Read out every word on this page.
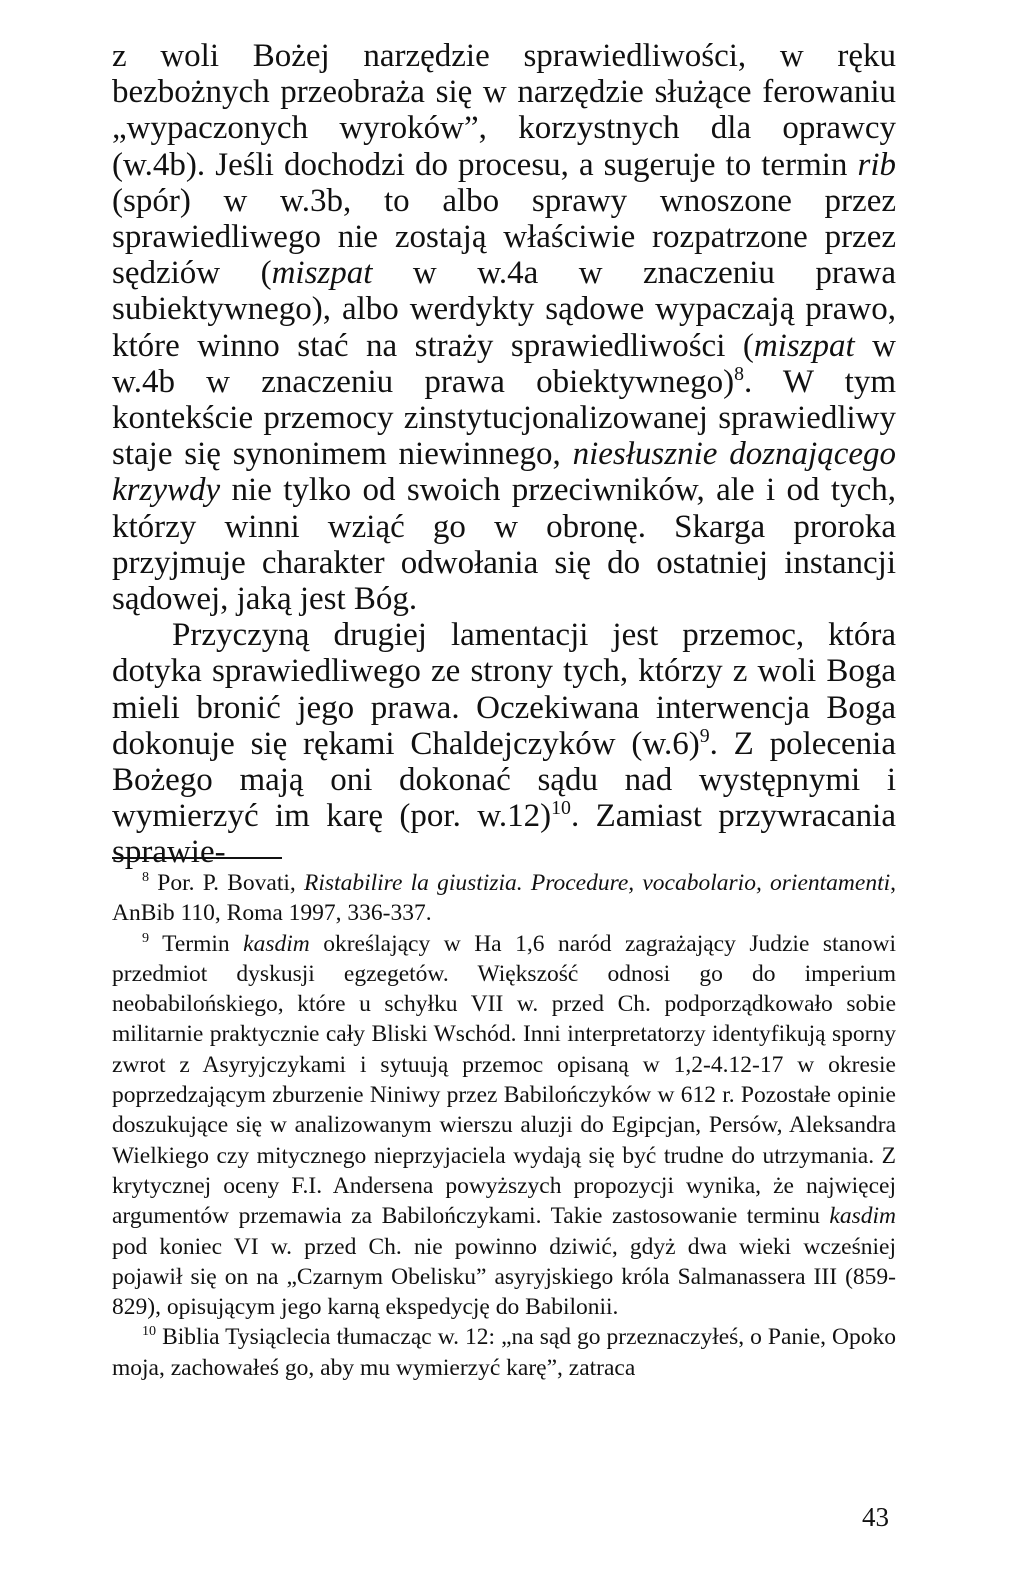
z woli Bożej narzędzie sprawiedliwości, w ręku bezbożnych przeobraża się w narzędzie służące ferowaniu „wypaczonych wyroków”, korzystnych dla oprawcy (w.4b). Jeśli dochodzi do procesu, a sugeruje to termin rib (spór) w w.3b, to albo sprawy wnoszone przez sprawiedliwego nie zostają właściwie rozpatrzone przez sędziów (miszpat w w.4a w znaczeniu prawa subiektywnego), albo werdykty sądowe wypaczają prawo, które winno stać na straży sprawiedliwości (miszpat w w.4b w znaczeniu prawa obiektywnego)$^8$. W tym kontekście przemocy zinstytucjonalizowanej sprawiedliwy staje się synonimem niewinnego, niesłusznie doznającego krzywdy nie tylko od swoich przeciwników, ale i od tych, którzy winni wziąć go w obronę. Skarga proroka przyjmuje charakter odwołania się do ostatniej instancji sądowej, jaką jest Bóg.

Przyczyną drugiej lamentacji jest przemoc, która dotyka sprawiedliwego ze strony tych, którzy z woli Boga mieli bronić jego prawa. Oczekiwana interwencja Boga dokonuje się rękami Chaldejczyków $(w.6)^9$. Z polecenia Bożego mają oni dokonać sądu nad występnymi i wymierzyć im karę (por. w.12)$^{10}$. Zamiast przywracania sprawie-

$^8$ Por. P. Bovati, Ristabilire la giustizia. Procedure, vocabolario, orientamenti, AnBib 110, Roma 1997, 336-337.

$^9$ Termin kasdim określający w Ha 1,6 naród zagrażający Judzie stanowi przedmiot dyskusji egzegetów. Większość odnosi go do imperium neobabilońskiego, które u schyłku VII w. przed Ch. podporządkowało sobie militarnie praktycznie cały Bliski Wschód. Inni interpretatorzy identyfikują sporny zwrot z Asyryjczykami i sytuują przemoc opisaną w 1,2-4.12-17 w okresie poprzedzającym zburzenie Niniwy przez Babilończyków w 612 r. Pozostałe opinie doszukujące się w analizowanym wierszu aluzji do Egipcjan, Persów, Aleksandra Wielkiego czy mitycznego nieprzyjaciela wydają się być trudne do utrzymania. Z krytycznej oceny F.I. Andersena powyższych propozycji wynika, że najwięcej argumentów przemawia za Babilończykami. Takie zastosowanie terminu kasdim pod koniec VI w. przed Ch. nie powinno dziwić, gdyż dwa wieki wcześniej pojawił się on na „Czarnym Obelisku” asyryjskiego króla Salmanassera III (859-829), opisującym jego karną ekspedycję do Babilonii.

$^{10}$ Biblia Tysiąclecia tłumacząc w. 12: „na sąd go przeznaczyłeś, o Panie, Opoko moja, zachowałeś go, aby mu wymierzyć karę”, zatraca

43
